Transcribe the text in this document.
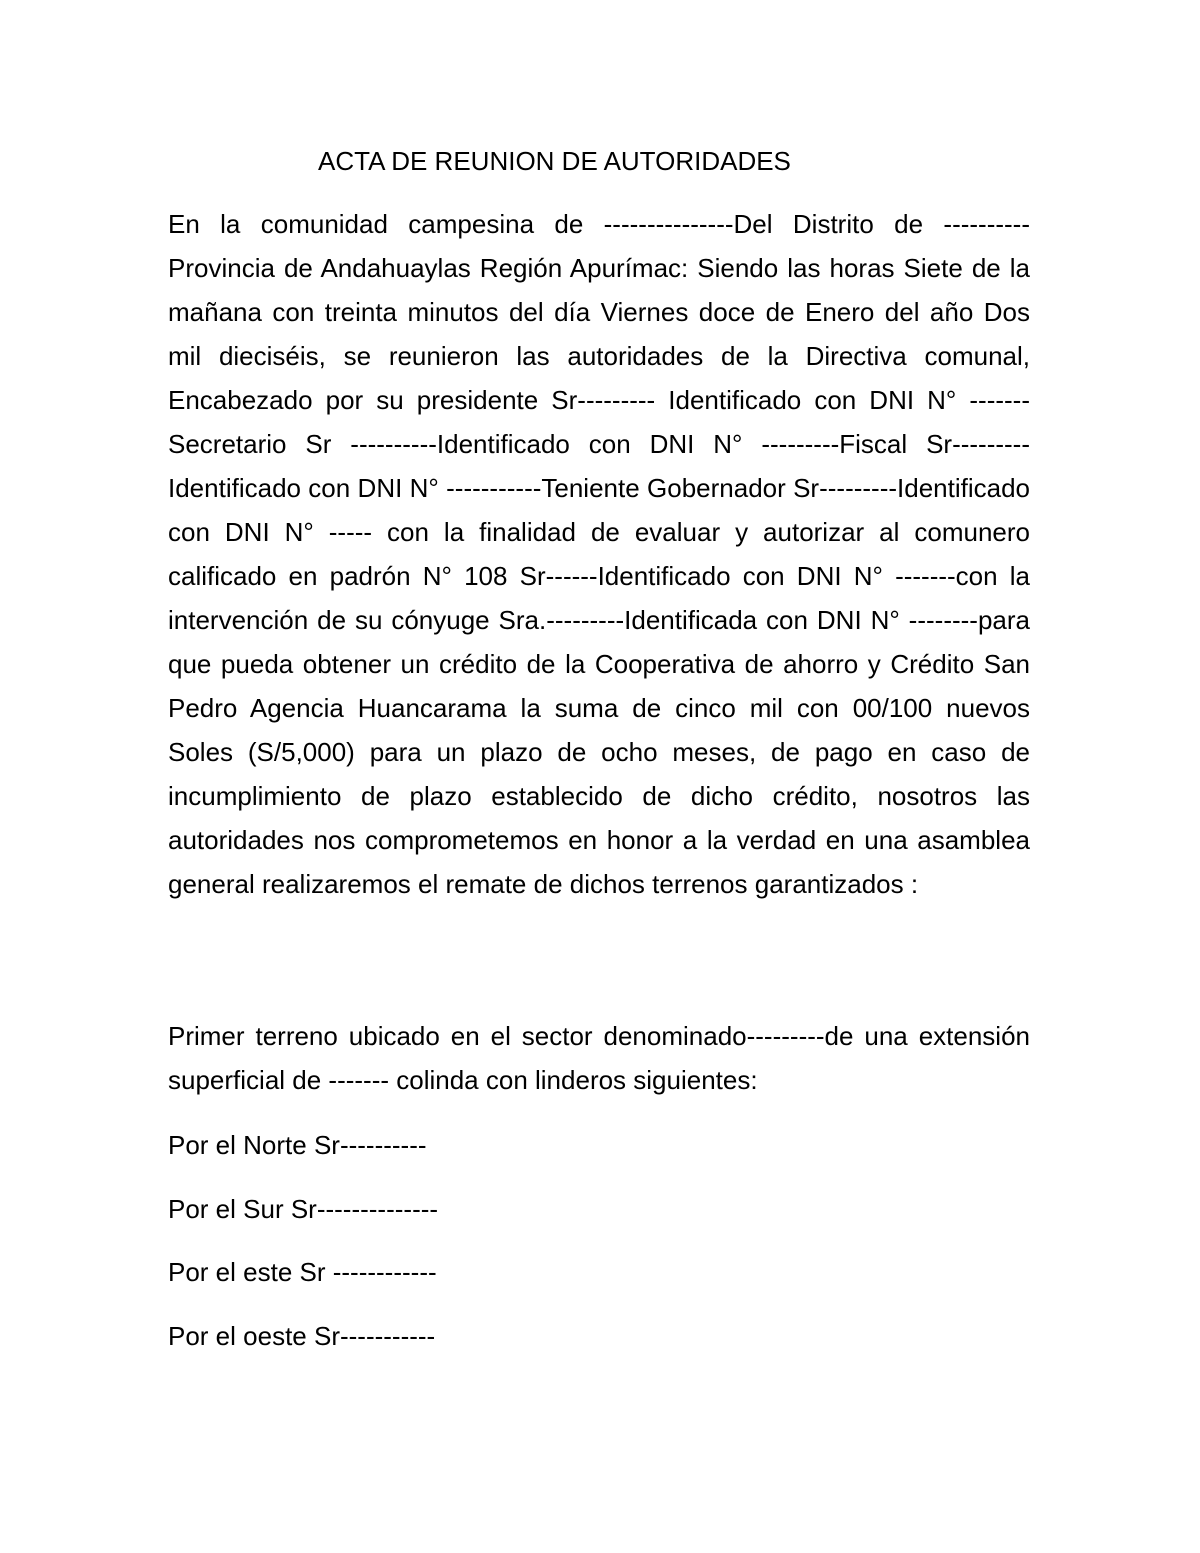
ACTA DE REUNION DE AUTORIDADES

En la comunidad campesina de ---------------Del Distrito de ----------Provincia de Andahuaylas Región Apurímac: Siendo las horas Siete de la mañana con treinta minutos del día Viernes doce de Enero del año Dos mil dieciséis, se reunieron las autoridades de la Directiva comunal, Encabezado por su presidente Sr--------- Identificado con DNI N° -------Secretario Sr ----------Identificado con DNI N° ---------Fiscal Sr---------Identificado con DNI N° -----------Teniente Gobernador Sr---------Identificado con DNI N° ----- con la finalidad de evaluar y autorizar al comunero calificado en padrón N° 108 Sr------Identificado con DNI N° -------con la intervención de su cónyuge Sra.---------Identificada con DNI N° --------para que pueda obtener un crédito de la Cooperativa de ahorro y Crédito San Pedro Agencia Huancarama la suma de cinco mil con 00/100 nuevos Soles (S/5,000) para un plazo de ocho meses, de pago en caso de incumplimiento de plazo establecido de dicho crédito, nosotros las autoridades nos comprometemos en honor a la verdad en una asamblea general realizaremos el remate de dichos terrenos garantizados :

Primer terreno ubicado en el sector denominado---------de una extensión superficial de ------- colinda con linderos siguientes:

Por el Norte Sr----------
Por el Sur Sr--------------
Por el este Sr ------------
Por el oeste Sr-----------
